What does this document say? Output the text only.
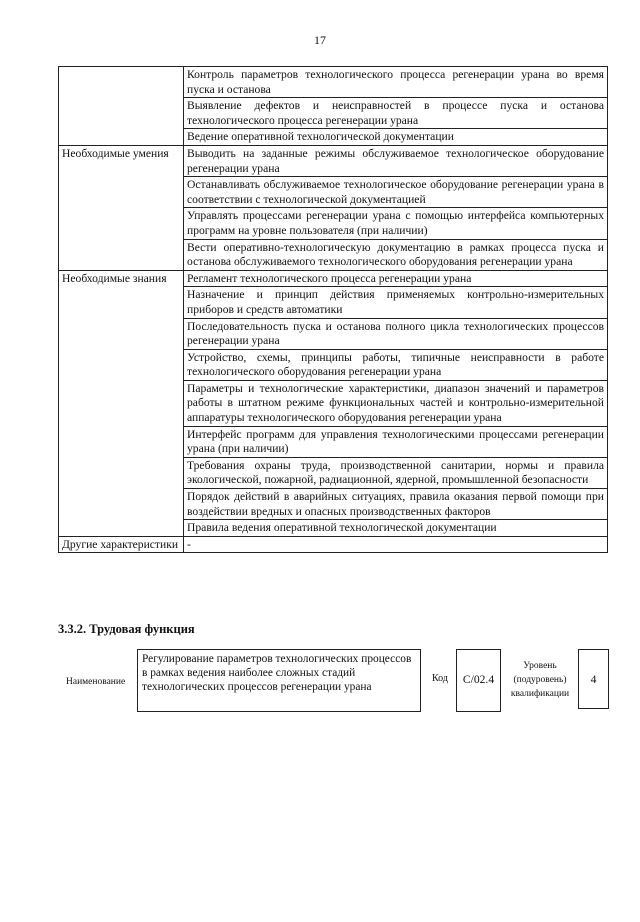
17
	Контроль параметров технологического процесса регенерации урана во время пуска и останова
	Выявление дефектов и неисправностей в процессе пуска и останова технологического процесса регенерации урана
	Ведение оперативной технологической документации
Необходимые умения	Выводить на заданные режимы обслуживаемое технологическое оборудование регенерации урана
	Останавливать обслуживаемое технологическое оборудование регенерации урана в соответствии с технологической документацией
	Управлять процессами регенерации урана с помощью интерфейса компьютерных программ на уровне пользователя (при наличии)
	Вести оперативно-технологическую документацию в рамках процесса пуска и останова обслуживаемого технологического оборудования регенерации урана
Необходимые знания	Регламент технологического процесса регенерации урана
	Назначение и принцип действия применяемых контрольно-измерительных приборов и средств автоматики
	Последовательность пуска и останова полного цикла технологических процессов регенерации урана
	Устройство, схемы, принципы работы, типичные неисправности в работе технологического оборудования регенерации урана
	Параметры и технологические характеристики, диапазон значений и параметров работы в штатном режиме функциональных частей и контрольно-измерительной аппаратуры технологического оборудования регенерации урана
	Интерфейс программ для управления технологическими процессами регенерации урана (при наличии)
	Требования охраны труда, производственной санитарии, нормы и правила экологической, пожарной, радиационной, ядерной, промышленной безопасности
	Порядок действий в аварийных ситуациях, правила оказания первой помощи при воздействии вредных и опасных производственных факторов
	Правила ведения оперативной технологической документации
Другие характеристики	-
3.3.2. Трудовая функция
Наименование
Регулирование параметров технологических процессов в рамках ведения наиболее сложных стадий технологических процессов регенерации урана
Код	C/02.4
Уровень
(подуровень)
квалификации
4
